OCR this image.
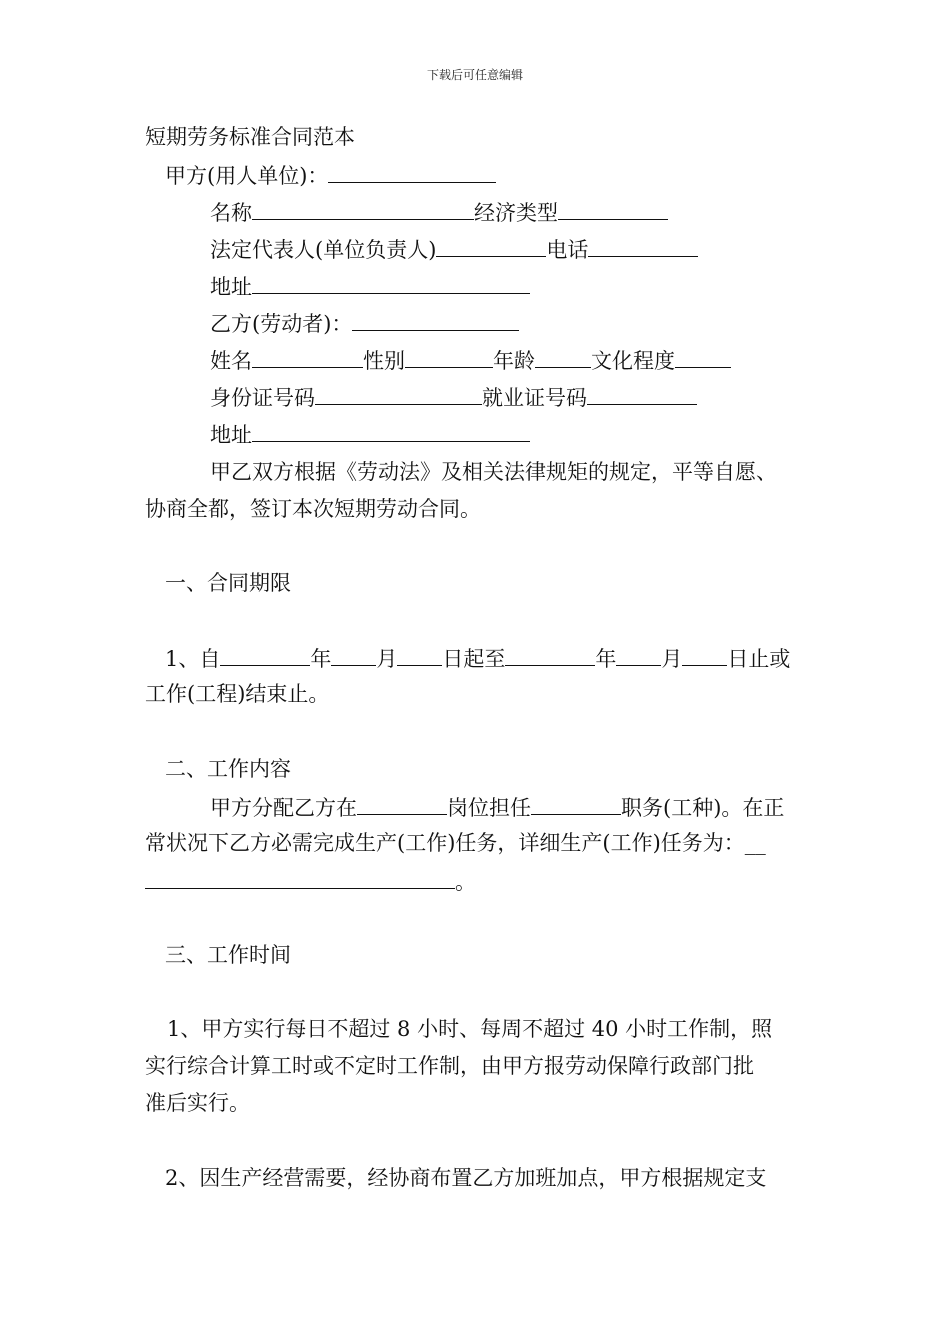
下载后可任意编辑
短期劳务标准合同范本
甲方(用人单位)：
名称	经济类型
法定代表人(单位负责人)	电话
地址
乙方(劳动者)：
姓名	性别	年龄	文化程度
身份证号码	就业证号码
地址
甲乙双方根据《劳动法》及相关法律规矩的规定，平等自愿、
协商全都，签订本次短期劳动合同。
一、合同期限
1、自	年 月 日起至	年 月 日止或
工作(工程)结束止。
二、工作内容
甲方分配乙方在	岗位担任	职务(工种)。在正
常状况下乙方必需完成生产(工作)任务，详细生产(工作)任务为：__
。
三、工作时间
1、甲方实行每日不超过 8 小时、每周不超过 40 小时工作制，照
实行综合计算工时或不定时工作制，由甲方报劳动保障行政部门批
准后实行。
2、因生产经营需要，经协商布置乙方加班加点，甲方根据规定支
